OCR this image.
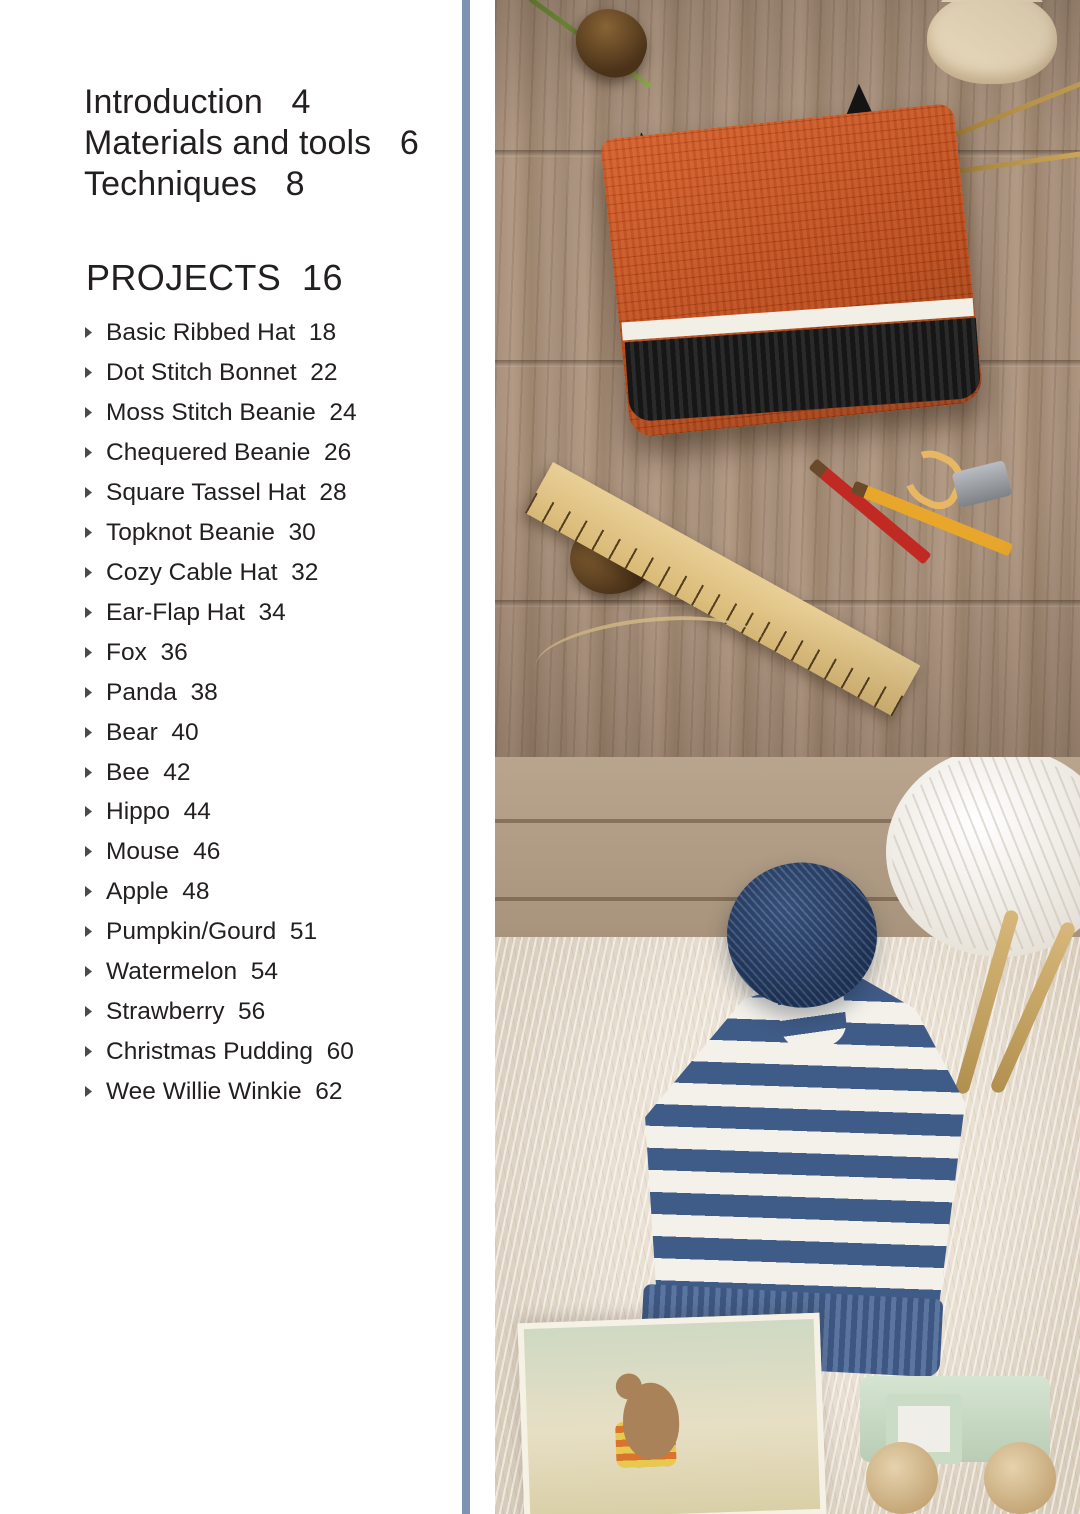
Introduction   4
Materials and tools   6
Techniques   8
PROJECTS  16
Basic Ribbed Hat  18
Dot Stitch Bonnet  22
Moss Stitch Beanie  24
Chequered Beanie  26
Square Tassel Hat  28
Topknot Beanie  30
Cozy Cable Hat  32
Ear-Flap Hat  34
Fox  36
Panda  38
Bear  40
Bee  42
Hippo  44
Mouse  46
Apple  48
Pumpkin/Gourd  51
Watermelon  54
Strawberry  56
Christmas Pudding  60
Wee Willie Winkie  62
